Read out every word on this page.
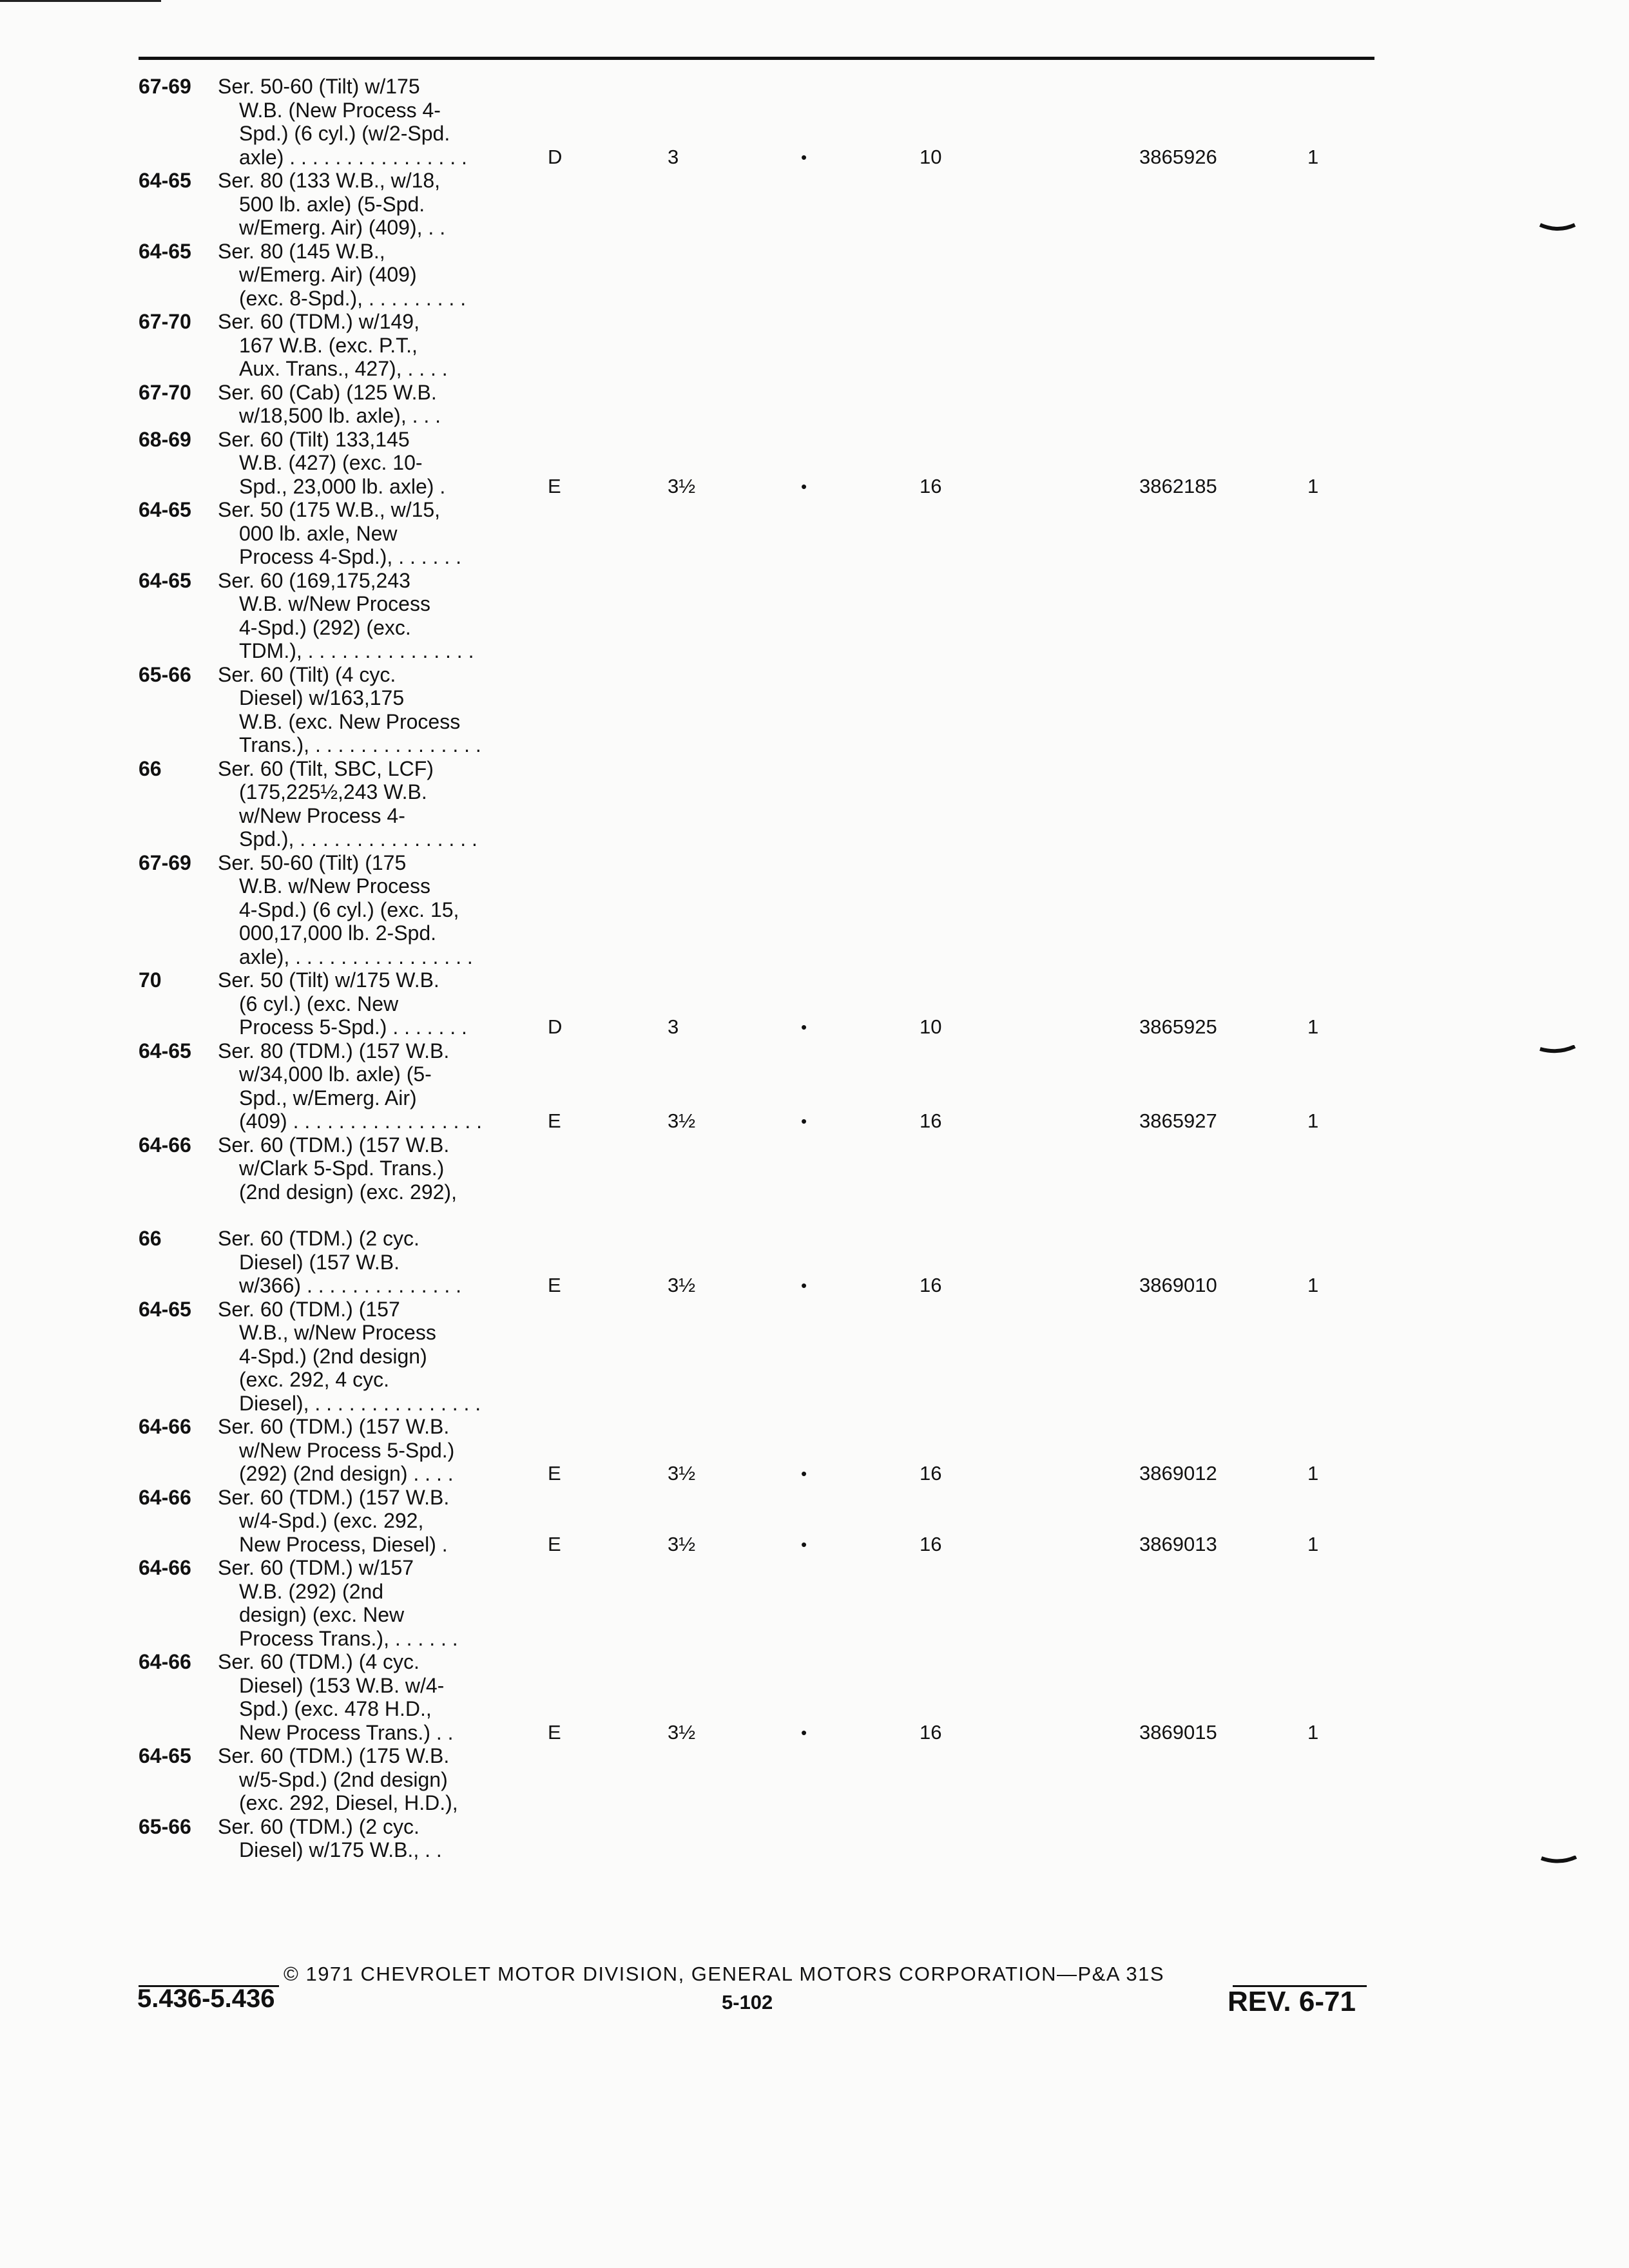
67-69	Ser. 50-60 (Tilt) w/175
W.B. (New Process 4-
Spd.) (6 cyl.) (w/2-Spd.
axle) . . . . . . . . . . . . . . . .	D	3	•	10	3865926	1
64-65	Ser. 80 (133 W.B., w/18,
500 lb. axle) (5-Spd.
w/Emerg. Air) (409), . .
64-65	Ser. 80 (145 W.B.,
w/Emerg. Air) (409)
(exc. 8-Spd.), . . . . . . . . .
67-70	Ser. 60 (TDM.) w/149,
167 W.B. (exc. P.T.,
Aux. Trans., 427), . . . .
67-70	Ser. 60 (Cab) (125 W.B.
w/18,500 lb. axle), . . .
68-69	Ser. 60 (Tilt) 133,145
W.B. (427) (exc. 10-
Spd., 23,000 lb. axle) .	E	3½	•	16	3862185	1
64-65	Ser. 50 (175 W.B., w/15,
000 lb. axle, New
Process 4-Spd.), . . . . . .
64-65	Ser. 60 (169,175,243
W.B. w/New Process
4-Spd.) (292) (exc.
TDM.), . . . . . . . . . . . . . . .
65-66	Ser. 60 (Tilt) (4 cyc.
Diesel) w/163,175
W.B. (exc. New Process
Trans.), . . . . . . . . . . . . . . .
66	Ser. 60 (Tilt, SBC, LCF)
(175,225½,243 W.B.
w/New Process 4-
Spd.), . . . . . . . . . . . . . . . .
67-69	Ser. 50-60 (Tilt) (175
W.B. w/New Process
4-Spd.) (6 cyl.) (exc. 15,
000,17,000 lb. 2-Spd.
axle), . . . . . . . . . . . . . . . .
70	Ser. 50 (Tilt) w/175 W.B.
(6 cyl.) (exc. New
Process 5-Spd.) . . . . . . .	D	3	•	10	3865925	1
64-65	Ser. 80 (TDM.) (157 W.B.
w/34,000 lb. axle) (5-
Spd., w/Emerg. Air)
(409) . . . . . . . . . . . . . . . . .	E	3½	•	16	3865927	1
64-66	Ser. 60 (TDM.) (157 W.B.
w/Clark 5-Spd. Trans.)
(2nd design) (exc. 292),
66	Ser. 60 (TDM.) (2 cyc.
Diesel) (157 W.B.
w/366) . . . . . . . . . . . . . .	E	3½	•	16	3869010	1
64-65	Ser. 60 (TDM.) (157
W.B., w/New Process
4-Spd.) (2nd design)
(exc. 292, 4 cyc.
Diesel), . . . . . . . . . . . . . . .
64-66	Ser. 60 (TDM.) (157 W.B.
w/New Process 5-Spd.)
(292) (2nd design) . . . .	E	3½	•	16	3869012	1
64-66	Ser. 60 (TDM.) (157 W.B.
w/4-Spd.) (exc. 292,
New Process, Diesel) .	E	3½	•	16	3869013	1
64-66	Ser. 60 (TDM.) w/157
W.B. (292) (2nd
design) (exc. New
Process Trans.), . . . . . .
64-66	Ser. 60 (TDM.) (4 cyc.
Diesel) (153 W.B. w/4-
Spd.) (exc. 478 H.D.,
New Process Trans.) . .	E	3½	•	16	3869015	1
64-65	Ser. 60 (TDM.) (175 W.B.
w/5-Spd.) (2nd design)
(exc. 292, Diesel, H.D.),
65-66	Ser. 60 (TDM.) (2 cyc.
Diesel) w/175 W.B., . .
© 1971 CHEVROLET MOTOR DIVISION, GENERAL MOTORS CORPORATION—P&A 31S
5.436-5.436	5-102	REV. 6-71
